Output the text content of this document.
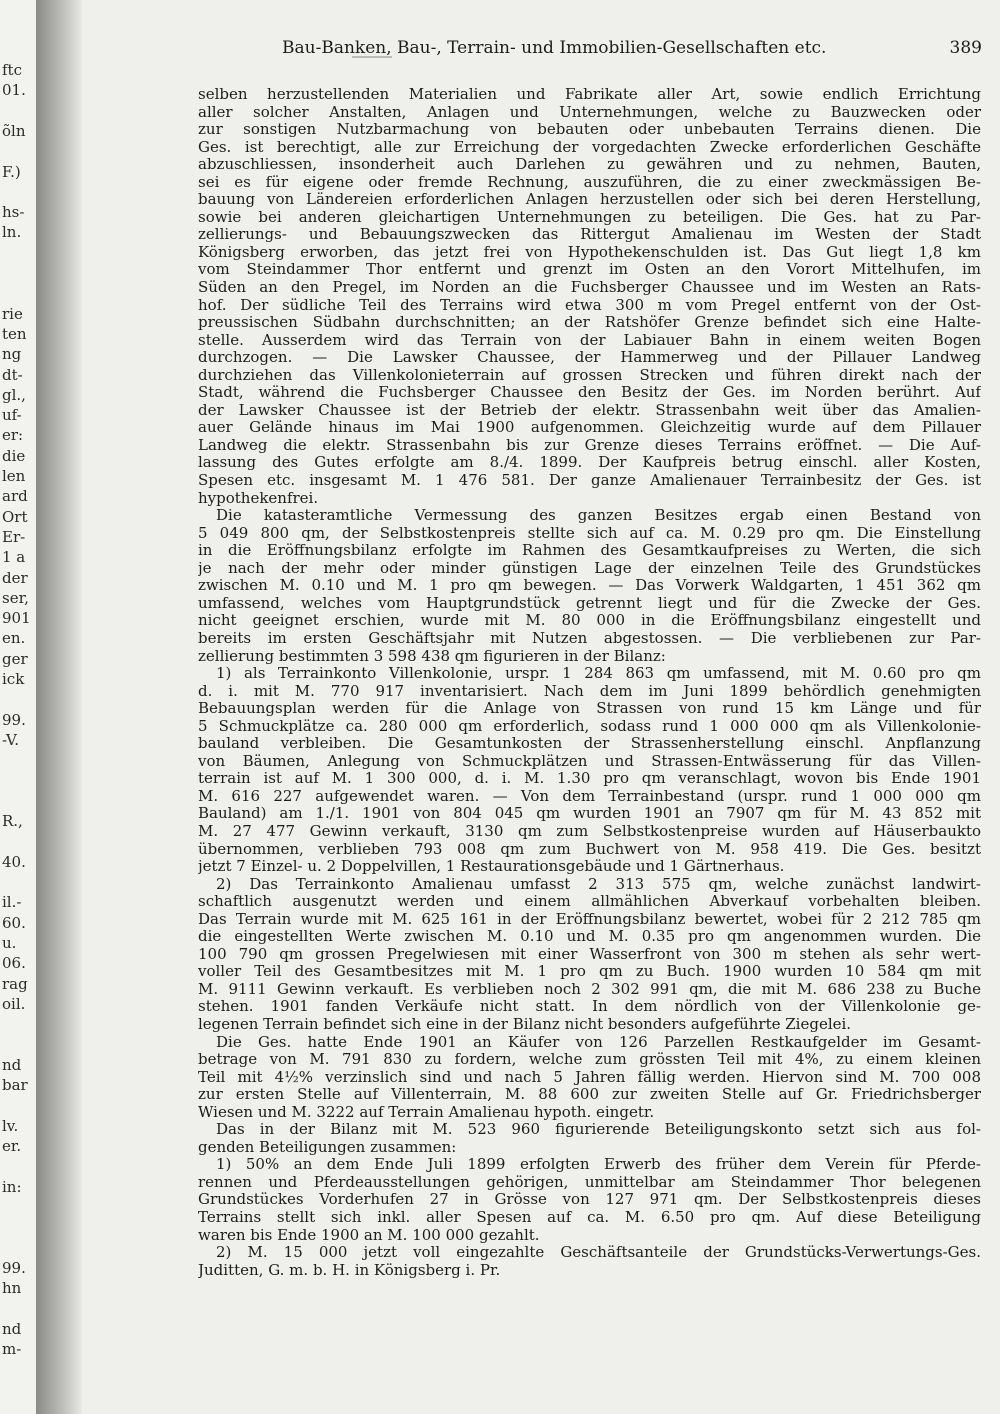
ftc
01.
õln
F.)
hs-
ln.
rie
ten
ng
dt-
gl.,
uf-
er:
die
len
ard
Ort
Er-
1 a
der
ser,
901
en.
ger
ick
99.
-V.
R.,
40.
il.-
60.
u.
06.
rag
oil.
nd
bar
lv.
er.
in:
99.
hn
nd
m-
Bau-Banken, Bau-, Terrain- und Immobilien-Gesellschaften etc.	389
selben herzustellenden Materialien und Fabrikate aller Art, sowie endlich Errichtung
aller solcher Anstalten, Anlagen und Unternehmungen, welche zu Bauzwecken oder
zur sonstigen Nutzbarmachung von bebauten oder unbebauten Terrains dienen. Die
Ges. ist berechtigt, alle zur Erreichung der vorgedachten Zwecke erforderlichen Geschäfte
abzuschliessen, insonderheit auch Darlehen zu gewähren und zu nehmen, Bauten,
sei es für eigene oder fremde Rechnung, auszuführen, die zu einer zweckmässigen Be-
bauung von Ländereien erforderlichen Anlagen herzustellen oder sich bei deren Herstellung,
sowie bei anderen gleichartigen Unternehmungen zu beteiligen. Die Ges. hat zu Par-
zellierungs- und Bebauungszwecken das Rittergut Amalienau im Westen der Stadt
Königsberg erworben, das jetzt frei von Hypothekenschulden ist. Das Gut liegt 1,8 km
vom Steindammer Thor entfernt und grenzt im Osten an den Vorort Mittelhufen, im
Süden an den Pregel, im Norden an die Fuchsberger Chaussee und im Westen an Rats-
hof. Der südliche Teil des Terrains wird etwa 300 m vom Pregel entfernt von der Ost-
preussischen Südbahn durchschnitten; an der Ratshöfer Grenze befindet sich eine Halte-
stelle. Ausserdem wird das Terrain von der Labiauer Bahn in einem weiten Bogen
durchzogen. — Die Lawsker Chaussee, der Hammerweg und der Pillauer Landweg
durchziehen das Villenkolonieterrain auf grossen Strecken und führen direkt nach der
Stadt, während die Fuchsberger Chaussee den Besitz der Ges. im Norden berührt. Auf
der Lawsker Chaussee ist der Betrieb der elektr. Strassenbahn weit über das Amalien-
auer Gelände hinaus im Mai 1900 aufgenommen. Gleichzeitig wurde auf dem Pillauer
Landweg die elektr. Strassenbahn bis zur Grenze dieses Terrains eröffnet. — Die Auf-
lassung des Gutes erfolgte am 8./4. 1899. Der Kaufpreis betrug einschl. aller Kosten,
Spesen etc. insgesamt M. 1 476 581. Der ganze Amalienauer Terrainbesitz der Ges. ist
hypothekenfrei.
Die katasteramtliche Vermessung des ganzen Besitzes ergab einen Bestand von
5 049 800 qm, der Selbstkostenpreis stellte sich auf ca. M. 0.29 pro qm. Die Einstellung
in die Eröffnungsbilanz erfolgte im Rahmen des Gesamtkaufpreises zu Werten, die sich
je nach der mehr oder minder günstigen Lage der einzelnen Teile des Grundstückes
zwischen M. 0.10 und M. 1 pro qm bewegen. — Das Vorwerk Waldgarten, 1 451 362 qm
umfassend, welches vom Hauptgrundstück getrennt liegt und für die Zwecke der Ges.
nicht geeignet erschien, wurde mit M. 80 000 in die Eröffnungsbilanz eingestellt und
bereits im ersten Geschäftsjahr mit Nutzen abgestossen. — Die verbliebenen zur Par-
zellierung bestimmten 3 598 438 qm figurieren in der Bilanz:
1) als Terrainkonto Villenkolonie, urspr. 1 284 863 qm umfassend, mit M. 0.60 pro qm
d. i. mit M. 770 917 inventarisiert. Nach dem im Juni 1899 behördlich genehmigten
Bebauungsplan werden für die Anlage von Strassen von rund 15 km Länge und für
5 Schmuckplätze ca. 280 000 qm erforderlich, sodass rund 1 000 000 qm als Villenkolonie-
bauland verbleiben. Die Gesamtunkosten der Strassenherstellung einschl. Anpflanzung
von Bäumen, Anlegung von Schmuckplätzen und Strassen-Entwässerung für das Villen-
terrain ist auf M. 1 300 000, d. i. M. 1.30 pro qm veranschlagt, wovon bis Ende 1901
M. 616 227 aufgewendet waren. — Von dem Terrainbestand (urspr. rund 1 000 000 qm
Bauland) am 1./1. 1901 von 804 045 qm wurden 1901 an 7907 qm für M. 43 852 mit
M. 27 477 Gewinn verkauft, 3130 qm zum Selbstkostenpreise wurden auf Häuserbaukto
übernommen, verblieben 793 008 qm zum Buchwert von M. 958 419. Die Ges. besitzt
jetzt 7 Einzel- u. 2 Doppelvillen, 1 Restaurationsgebäude und 1 Gärtnerhaus.
2) Das Terrainkonto Amalienau umfasst 2 313 575 qm, welche zunächst landwirt-
schaftlich ausgenutzt werden und einem allmählichen Abverkauf vorbehalten bleiben.
Das Terrain wurde mit M. 625 161 in der Eröffnungsbilanz bewertet, wobei für 2 212 785 qm
die eingestellten Werte zwischen M. 0.10 und M. 0.35 pro qm angenommen wurden. Die
100 790 qm grossen Pregelwiesen mit einer Wasserfront von 300 m stehen als sehr wert-
voller Teil des Gesamtbesitzes mit M. 1 pro qm zu Buch. 1900 wurden 10 584 qm mit
M. 9111 Gewinn verkauft. Es verblieben noch 2 302 991 qm, die mit M. 686 238 zu Buche
stehen. 1901 fanden Verkäufe nicht statt. In dem nördlich von der Villenkolonie ge-
legenen Terrain befindet sich eine in der Bilanz nicht besonders aufgeführte Ziegelei.
Die Ges. hatte Ende 1901 an Käufer von 126 Parzellen Restkaufgelder im Gesamt-
betrage von M. 791 830 zu fordern, welche zum grössten Teil mit 4%, zu einem kleinen
Teil mit 4½% verzinslich sind und nach 5 Jahren fällig werden. Hiervon sind M. 700 008
zur ersten Stelle auf Villenterrain, M. 88 600 zur zweiten Stelle auf Gr. Friedrichsberger
Wiesen und M. 3222 auf Terrain Amalienau hypoth. eingetr.
Das in der Bilanz mit M. 523 960 figurierende Beteiligungskonto setzt sich aus fol-
genden Beteiligungen zusammen:
1) 50% an dem Ende Juli 1899 erfolgten Erwerb des früher dem Verein für Pferde-
rennen und Pferdeausstellungen gehörigen, unmittelbar am Steindammer Thor belegenen
Grundstückes Vorderhufen 27 in Grösse von 127 971 qm. Der Selbstkostenpreis dieses
Terrains stellt sich inkl. aller Spesen auf ca. M. 6.50 pro qm. Auf diese Beteiligung
waren bis Ende 1900 an M. 100 000 gezahlt.
2) M. 15 000 jetzt voll eingezahlte Geschäftsanteile der Grundstücks-Verwertungs-Ges.
Juditten, G. m. b. H. in Königsberg i. Pr.
